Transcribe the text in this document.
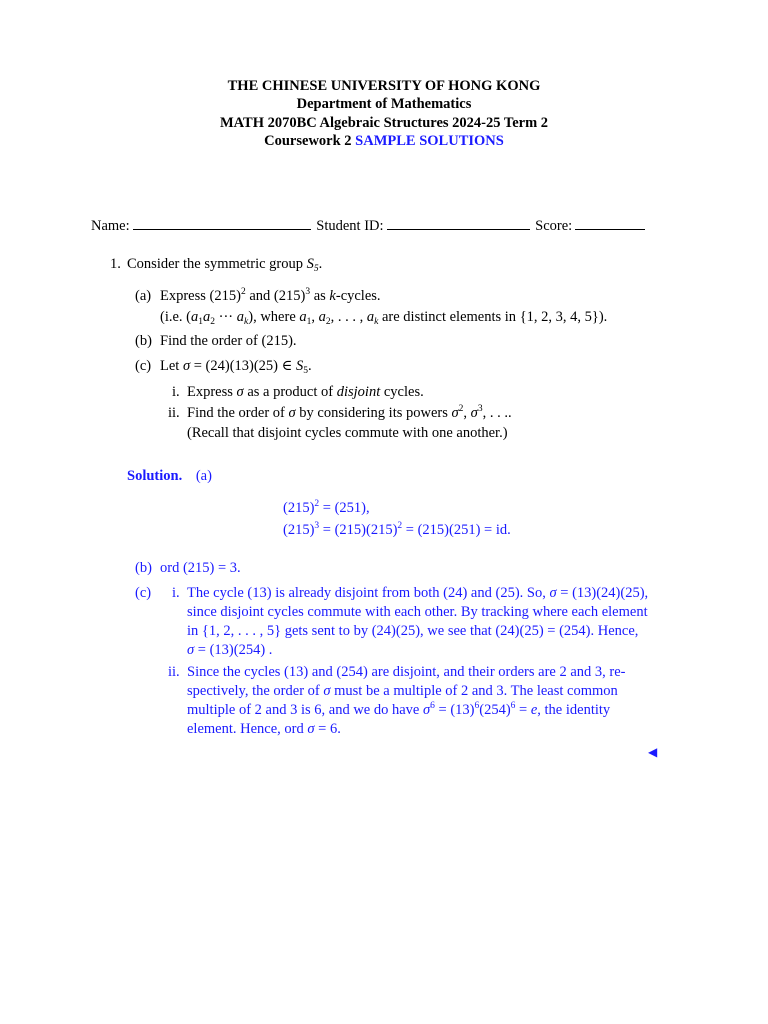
THE CHINESE UNIVERSITY OF HONG KONG
Department of Mathematics
MATH 2070BC Algebraic Structures 2024-25 Term 2
Coursework 2 SAMPLE SOLUTIONS
Name:	Student ID:	Score:
1. Consider the symmetric group $S_5$.
(a) Express $(215)^2$ and $(215)^3$ as k-cycles.
(i.e. ($a_1a_2$ ··· $a_k$), where $a_1$, $a_2$, . . . , $a_k$ are distinct elements in {1, 2, 3, 4, 5}).
(b) Find the order of (215).
(c) Let σ = (24)(13)(25) ∈ $S_5$.
i. Express σ as a product of disjoint cycles.
ii. Find the order of σ by considering its powers $\sigma^2$, $\sigma^3$, . . ..
(Recall that disjoint cycles commute with one another.)
Solution. (a)
$(215)^2 = (251)$,
$(215)^3 = (215)(215)^2 = (215)(251)$ = id.
(b) ord (215) = 3.
(c) i. The cycle (13) is already disjoint from both (24) and (25). So, σ = (13)(24)(25),
since disjoint cycles commute with each other. By tracking where each element
in {1, 2, . . . , 5} gets sent to by (24)(25), we see that (24)(25) = (254). Hence,
σ = (13)(254) .
ii. Since the cycles (13) and (254) are disjoint, and their orders are 2 and 3, re-
spectively, the order of σ must be a multiple of 2 and 3. The least common
multiple of 2 and 3 is 6, and we do have $\sigma^6 = (13)^6(254)^6 = e$, the identity
element. Hence, ord σ = 6.
◀
